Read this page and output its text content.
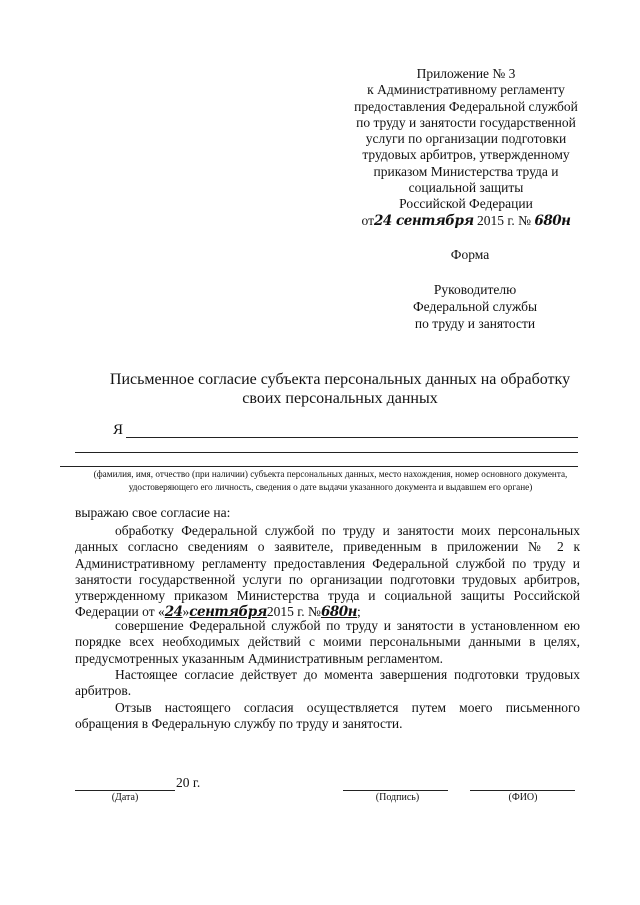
Приложение № 3
к Административному регламенту
предоставления Федеральной службой
по труду и занятости государственной
услуги по организации подготовки
трудовых арбитров, утвержденному
приказом Министерства труда и
социальной защиты
Российской Федерации
от24 сентября 2015 г. № 680н
Форма
Руководителю
Федеральной службы
по труду и занятости
Письменное согласие субъекта персональных данных на обработку
своих персональных данных
Я
(фамилия, имя, отчество (при наличии) субъекта персональных данных, место нахождения, номер основного документа,
удостоверяющего его личность, сведения о дате выдачи указанного документа и выдавшем его органе)
выражаю свое согласие на:
обработку Федеральной службой по труду и занятости моих персональных данных согласно сведениям о заявителе, приведенным в приложении № 2 к Административному регламенту предоставления Федеральной службой по труду и занятости государственной услуги по организации подготовки трудовых арбитров, утвержденному приказом Министерства труда и социальной защиты Российской Федерации от «24»сентября2015 г. №680н;
совершение Федеральной службой по труду и занятости в установленном ею порядке всех необходимых действий с моими персональными данными в целях, предусмотренных указанным Административным регламентом.
Настоящее согласие действует до момента завершения подготовки трудовых арбитров.
Отзыв настоящего согласия осуществляется путем моего письменного обращения в Федеральную службу по труду и занятости.
20 г.
(Дата)	(Подпись)	(ФИО)
